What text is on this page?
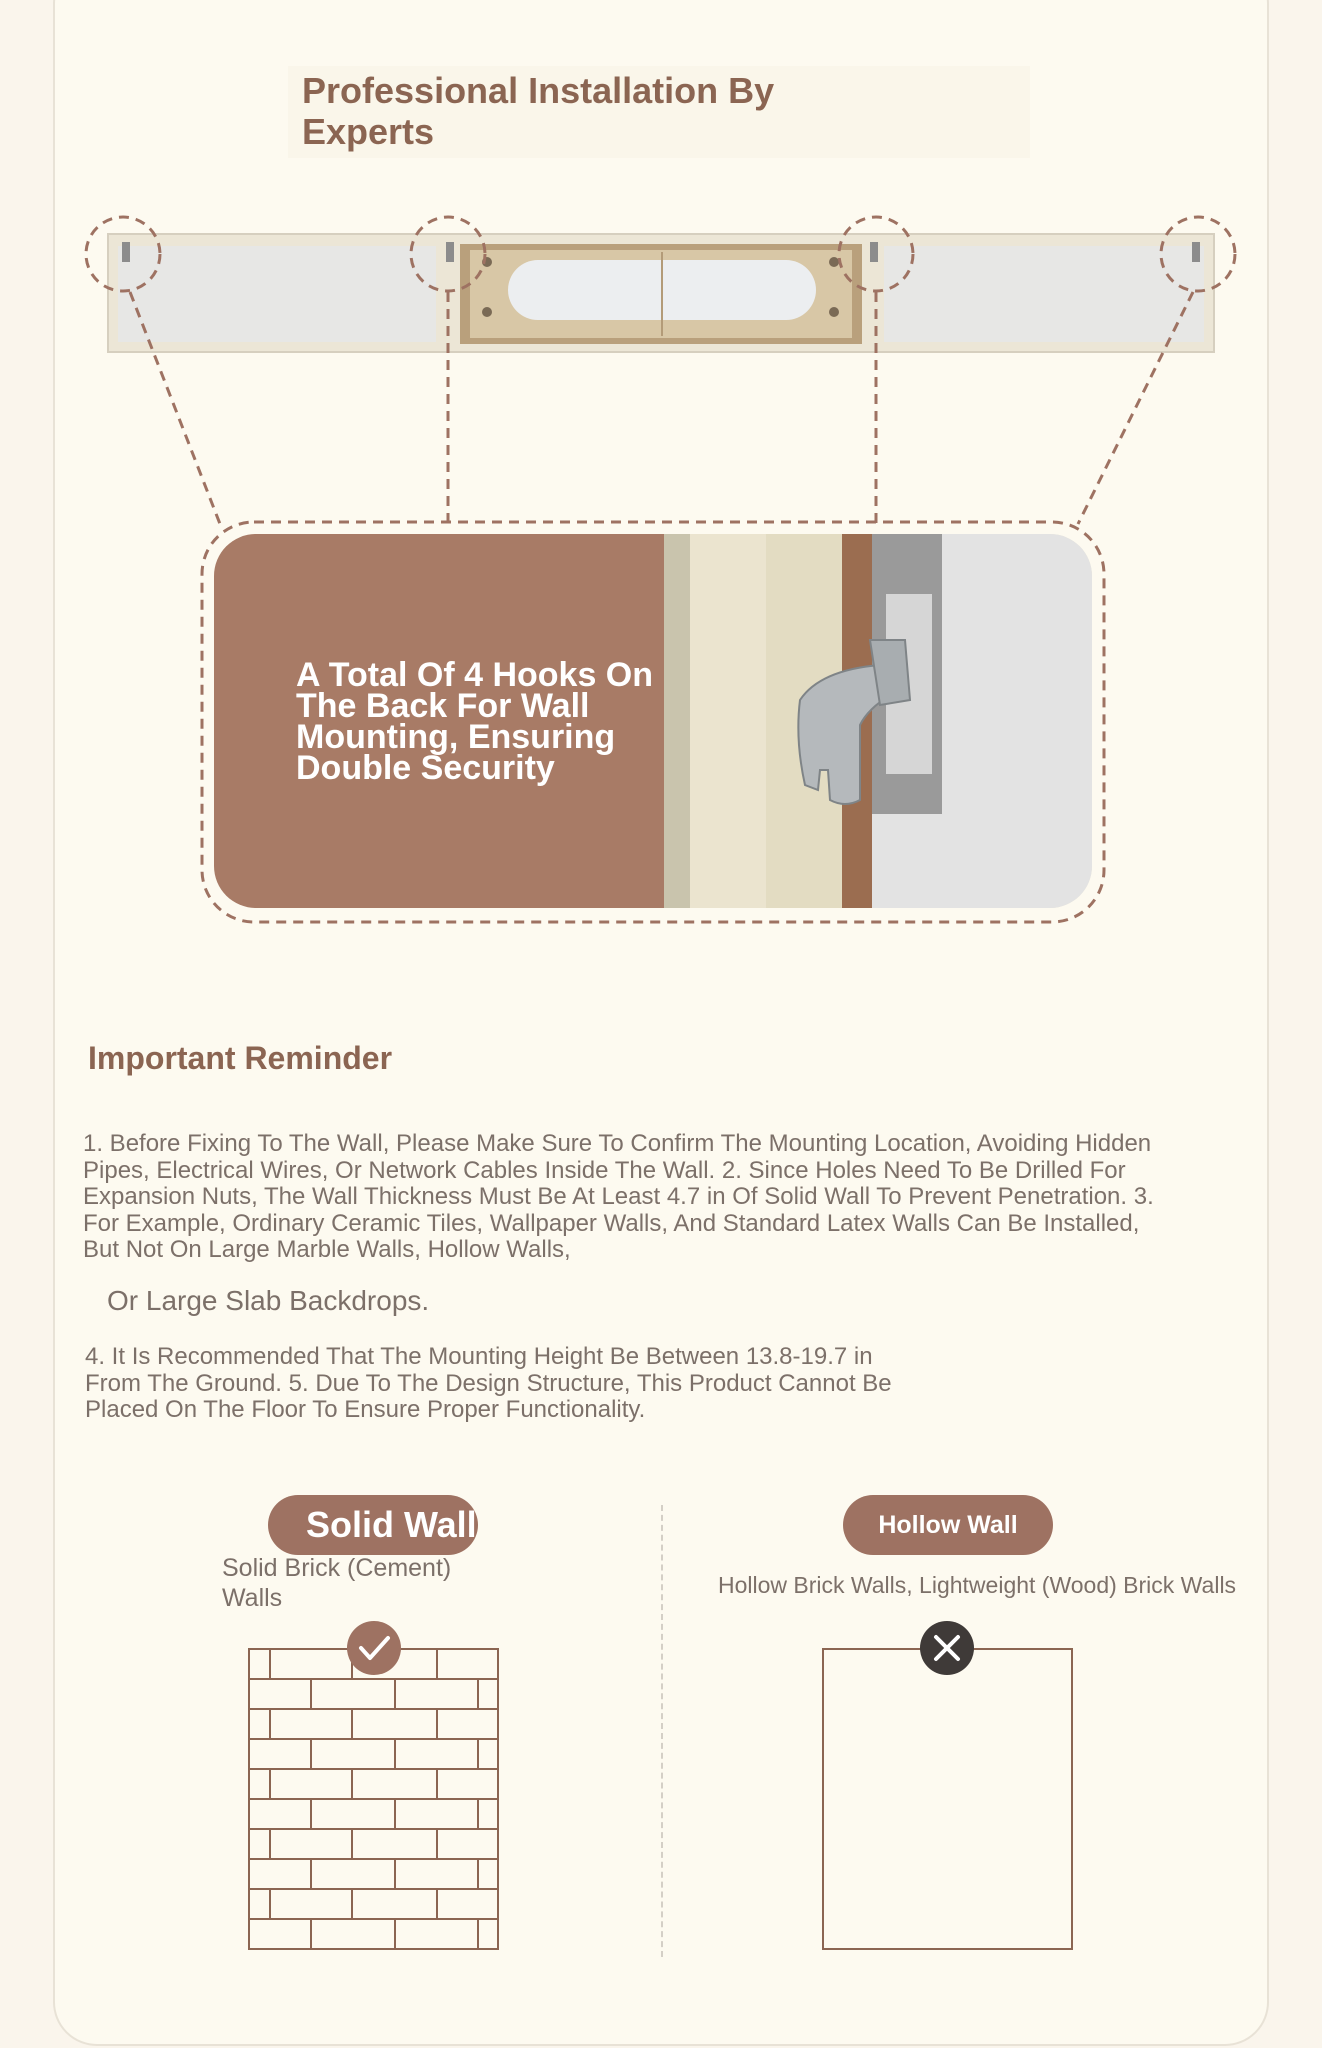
Professional Installation By Experts
A Total Of 4 Hooks On The Back For Wall Mounting, Ensuring Double Security
Important Reminder
1. Before Fixing To The Wall, Please Make Sure To Confirm The Mounting Location, Avoiding Hidden Pipes, Electrical Wires, Or Network Cables Inside The Wall. 2. Since Holes Need To Be Drilled For Expansion Nuts, The Wall Thickness Must Be At Least 4.7 in Of Solid Wall To Prevent Penetration. 3. For Example, Ordinary Ceramic Tiles, Wallpaper Walls, And Standard Latex Walls Can Be Installed, But Not On Large Marble Walls, Hollow Walls,
Or Large Slab Backdrops.
4. It Is Recommended That The Mounting Height Be Between 13.8-19.7 in From The Ground. 5. Due To The Design Structure, This Product Cannot Be Placed On The Floor To Ensure Proper Functionality.
Solid Wall
Solid Brick (Cement) Walls
Hollow Wall
Hollow Brick Walls, Lightweight (Wood) Brick Walls
